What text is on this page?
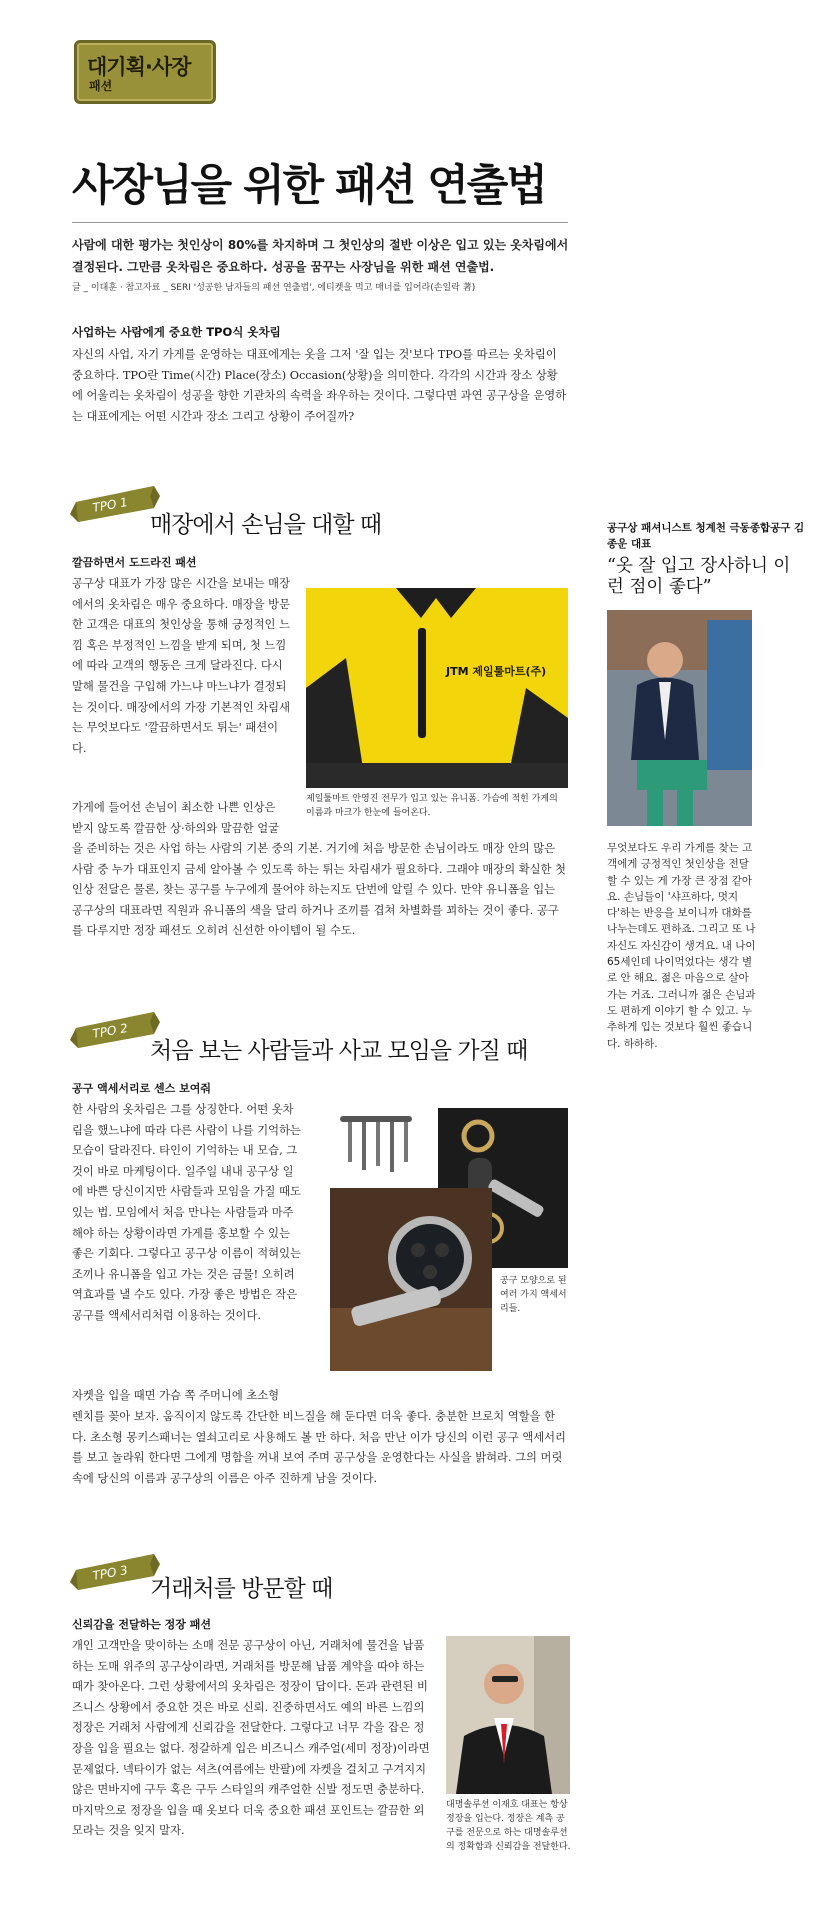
대기획·사장
패션
사장님을 위한 패션 연출법
사람에 대한 평가는 첫인상이 80%를 차지하며 그 첫인상의 절반 이상은 입고 있는 옷차림에서 결정된다. 그만큼 옷차림은 중요하다. 성공을 꿈꾸는 사장님을 위한 패션 연출법.
글 _ 이대훈 · 참고자료 _ SERI '성공한 남자들의 패션 연출법', 에티켓을 먹고 매너를 입어라(손일락 著)
사업하는 사람에게 중요한 TPO식 옷차림
자신의 사업, 자기 가게를 운영하는 대표에게는 옷을 그저 '잘 입는 것'보다 TPO를 따르는 옷차림이 중요하다. TPO란 Time(시간) Place(장소) Occasion(상황)을 의미한다. 각각의 시간과 장소 상황에 어울리는 옷차림이 성공을 향한 기관차의 속력을 좌우하는 것이다. 그렇다면 과연 공구상을 운영하는 대표에게는 어떤 시간과 장소 그리고 상황이 주어질까?
TPO 1
매장에서 손님을 대할 때
깔끔하면서 도드라진 패션
공구상 대표가 가장 많은 시간을 보내는 매장에서의 옷차림은 매우 중요하다. 매장을 방문한 고객은 대표의 첫인상을 통해 긍정적인 느낌 혹은 부정적인 느낌을 받게 되며, 첫 느낌에 따라 고객의 행동은 크게 달라진다. 다시 말해 물건을 구입해 가느냐 마느냐가 결정되는 것이다. 매장에서의 가장 기본적인 차림새는 무엇보다도 '깔끔하면서도 튀는' 패션이다.
가게에 들어선 손님이 최소한 나쁜 인상은 받지 않도록 깔끔한 상·하의와 말끔한 얼굴
을 준비하는 것은 사업 하는 사람의 기본 중의 기본. 거기에 처음 방문한 손님이라도 매장 안의 많은 사람 중 누가 대표인지 금세 알아볼 수 있도록 하는 튀는 차림새가 필요하다. 그래야 매장의 확실한 첫인상 전달은 물론, 찾는 공구를 누구에게 물어야 하는지도 단번에 알릴 수 있다. 만약 유니폼을 입는 공구상의 대표라면 직원과 유니폼의 색을 달리 하거나 조끼를 겹쳐 차별화를 꾀하는 것이 좋다. 공구를 다루지만 정장 패션도 오히려 신선한 아이템이 될 수도.
JTM 제일툴마트(주)
제일툴마트 안영진 전무가 입고 있는 유니폼. 가슴에 적힌 가게의 이름과 마크가 한눈에 들어온다.
공구상 패셔니스트 청계천 극동종합공구 김종운 대표
“옷 잘 입고 장사하니 이런 점이 좋다”
무엇보다도 우리 가게를 찾는 고객에게 긍정적인 첫인상을 전달할 수 있는 게 가장 큰 장점 같아요. 손님들이 '샤프하다, 멋지다'하는 반응을 보이니까 대화를 나누는데도 편하죠. 그리고 또 나 자신도 자신감이 생겨요. 내 나이 65세인데 나이먹었다는 생각 별로 안 해요. 젊은 마음으로 살아가는 거죠. 그러니까 젊은 손님과도 편하게 이야기 할 수 있고. 누추하게 입는 것보다 훨씬 좋습니다. 하하하.
TPO 2
처음 보는 사람들과 사교 모임을 가질 때
공구 액세서리로 센스 보여줘
한 사람의 옷차림은 그를 상징한다. 어떤 옷차림을 했느냐에 따라 다른 사람이 나를 기억하는 모습이 달라진다. 타인이 기억하는 내 모습, 그것이 바로 마케팅이다. 일주일 내내 공구상 일에 바쁜 당신이지만 사람들과 모임을 가질 때도 있는 법. 모임에서 처음 만나는 사람들과 마주해야 하는 상황이라면 가게를 홍보할 수 있는 좋은 기회다. 그렇다고 공구상 이름이 적혀있는 조끼나 유니폼을 입고 가는 것은 금물! 오히려 역효과를 낼 수도 있다. 가장 좋은 방법은 작은 공구를 액세서리처럼 이용하는 것이다.
자켓을 입을 때면 가슴 쪽 주머니에 초소형
렌치를 꽂아 보자. 움직이지 않도록 간단한 비느질을 해 둔다면 더욱 좋다. 충분한 브로치 역할을 한다. 초소형 몽키스패너는 열쇠고리로 사용해도 볼 만 하다. 처음 만난 이가 당신의 이런 공구 액세서리를 보고 놀라워 한다면 그에게 명함을 꺼내 보여 주며 공구상을 운영한다는 사실을 밝혀라. 그의 머릿속에 당신의 이름과 공구상의 이름은 아주 진하게 남을 것이다.
공구 모양으로 된 여러 가지 액세서리들.
TPO 3
거래처를 방문할 때
신뢰감을 전달하는 정장 패션
개인 고객만을 맞이하는 소매 전문 공구상이 아닌, 거래처에 물건을 납품하는 도매 위주의 공구상이라면, 거래처를 방문해 납품 계약을 따야 하는 때가 찾아온다. 그런 상황에서의 옷차림은 정장이 답이다. 돈과 관련된 비즈니스 상황에서 중요한 것은 바로 신뢰. 진중하면서도 예의 바른 느낌의 정장은 거래처 사람에게 신뢰감을 전달한다. 그렇다고 너무 각을 잡은 정장을 입을 필요는 없다. 정갈하게 입은 비즈니스 캐주얼(세미 정장)이라면 문제없다. 넥타이가 없는 셔츠(여름에는 반팔)에 자켓을 걸치고 구겨지지 않은 면바지에 구두 혹은 구두 스타일의 캐주얼한 신발 정도면 충분하다. 마지막으로 정장을 입을 때 옷보다 더욱 중요한 패션 포인트는 깔끔한 외모라는 것을 잊지 말자.
대명솔루션 이재호 대표는 항상 정장을 입는다. 정장은 계측 공구를 전문으로 하는 대명솔루션의 정확함과 신뢰감을 전달한다.
